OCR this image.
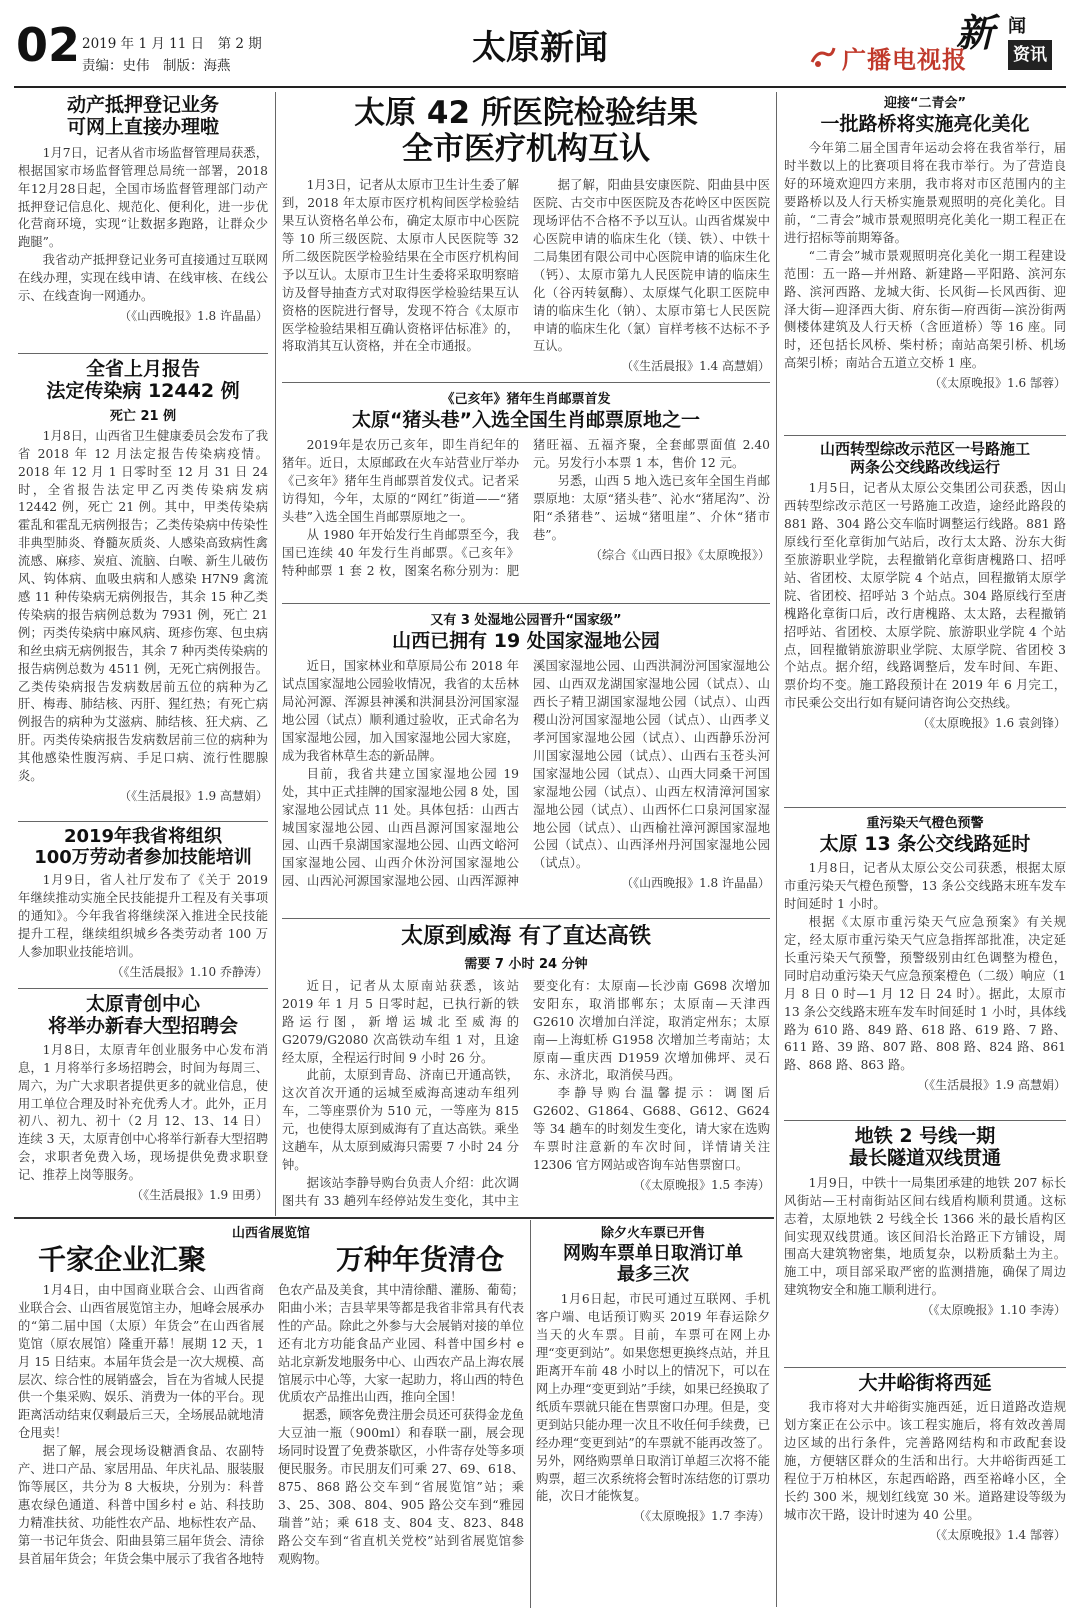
02 2019 年 1 月 11 日　第 2 期
责编：史伟　制版：海燕	太原新闻	新 闻
广播电视报	资讯
动产抵押登记业务
可网上直接办理啦

1月7日，记者从省市场监督管理局获悉，根据国家市场监督管理总局统一部署，2018年12月28日起，全国市场监督管理部门动产抵押登记信息化、规范化、便利化，进一步优化营商环境，实现“让数据多跑路，让群众少跑腿”。

我省动产抵押登记业务可直接通过互联网在线办理，实现在线申请、在线审核、在线公示、在线查询一网通办。

（《山西晚报》1.8 许晶晶）
全省上月报告
法定传染病 12442 例
死亡 21 例

1月8日，山西省卫生健康委员会发布了我省 2018 年 12 月法定报告传染病疫情。2018 年 12 月 1 日零时至 12 月 31 日 24 时，全省报告法定甲乙丙类传染病发病 12442 例，死亡 21 例。其中，甲类传染病霍乱和霍乱无病例报告；乙类传染病中传染性非典型肺炎、脊髓灰质炎、人感染高致病性禽流感、麻疹、炭疽、流脑、白喉、新生儿破伤风、钩体病、血吸虫病和人感染 H7N9 禽流感 11 种传染病无病例报告，其余 15 种乙类传染病的报告病例总数为 7931 例，死亡 21 例；丙类传染病中麻风病、斑疹伤寒、包虫病和丝虫病无病例报告，其余 7 种丙类传染病的报告病例总数为 4511 例，无死亡病例报告。乙类传染病报告发病数居前五位的病种为乙肝、梅毒、肺结核、丙肝、猩红热；有死亡病例报告的病种为艾滋病、肺结核、狂犬病、乙肝。丙类传染病报告发病数居前三位的病种为其他感染性腹泻病、手足口病、流行性腮腺炎。

（《生活晨报》1.9 高慧娟）
2019年我省将组织
100万劳动者参加技能培训

1月9日，省人社厅发布了《关于 2019 年继续推动实施全民技能提升工程及有关事项的通知》。今年我省将继续深入推进全民技能提升工程，继续组织城乡各类劳动者 100 万人参加职业技能培训。

（《生活晨报》1.10 乔静涛）
太原青创中心
将举办新春大型招聘会

1月8日，太原青年创业服务中心发布消息，1 月将举行多场招聘会，时间为每周三、周六，为广大求职者提供更多的就业信息，使用工单位合理及时补充优秀人才。此外，正月初八、初九、初十（2 月 12、13、14 日）连续 3 天，太原青创中心将举行新春大型招聘会，求职者免费入场，现场提供免费求职登记、推荐上岗等服务。

（《生活晨报》1.9 田勇）
太原 42 所医院检验结果
全市医疗机构互认

1月3日，记者从太原市卫生计生委了解到，2018 年太原市医疗机构间医学检验结果互认资格名单公布，确定太原市中心医院等 10 所三级医院、太原市人民医院等 32 所二级医院医学检验结果在全市医疗机构间予以互认。太原市卫生计生委将采取明察暗访及督导抽查方式对取得医学检验结果互认资格的医院进行督导，发现不符合《太原市医学检验结果相互确认资格评估标准》的，将取消其互认资格，并在全市通报。

据了解，阳曲县安康医院、阳曲县中医医院、古交市中医医院及杏花岭区中医医院现场评估不合格不予以互认。山西省煤炭中心医院申请的临床生化（镁、铁）、中铁十二局集团有限公司中心医院申请的临床生化（钙）、太原市第九人民医院申请的临床生化（谷丙转氨酶）、太原煤气化职工医院申请的临床生化（钠）、太原市第七人民医院申请的临床生化（氯）盲样考核不达标不予互认。

（《生活晨报》1.4 高慧娟）
《己亥年》猪年生肖邮票首发
太原“猪头巷”入选全国生肖邮票原地之一

2019年是农历己亥年，即生肖纪年的猪年。近日，太原邮政在火车站营业厅举办《己亥年》猪年生肖邮票首发仪式。记者采访得知，今年，太原的“网红”街道——“猪头巷”入选全国生肖邮票原地之一。

从 1980 年开始发行生肖邮票至今，我国已连续 40 年发行生肖邮票。《己亥年》特种邮票 1 套 2 枚，图案名称分别为：肥猪旺福、五福齐聚，全套邮票面值 2.40 元。另发行小本票 1 本，售价 12 元。

另悉，山西 5 地入选已亥年全国生肖邮票原地：太原“猪头巷”、沁水“猪尾沟”、汾阳“杀猪巷”、运城“猪咀崖”、介休“猪市巷”。

（综合《山西日报》《太原晚报》）
又有 3 处湿地公园晋升“国家级”
山西已拥有 19 处国家湿地公园

近日，国家林业和草原局公布 2018 年试点国家湿地公园验收情况，我省的太岳林局沁河源、浑源县神溪和洪洞县汾河国家湿地公园（试点）顺利通过验收，正式命名为国家湿地公园，加入国家湿地公园大家庭，成为我省林草生态的新品牌。

目前，我省共建立国家湿地公园 19 处，其中正式挂牌的国家湿地公园 8 处，国家湿地公园试点 11 处。具体包括：山西古城国家湿地公园、山西昌源河国家湿地公园、山西千泉湖国家湿地公园、山西文峪河国家湿地公园、山西介休汾河国家湿地公园、山西沁河源国家湿地公园、山西浑源神溪国家湿地公园、山西洪洞汾河国家湿地公园、山西双龙湖国家湿地公园（试点）、山西长子精卫湖国家湿地公园（试点）、山西稷山汾河国家湿地公园（试点）、山西孝义孝河国家湿地公园（试点）、山西静乐汾河川国家湿地公园（试点）、山西右玉苍头河国家湿地公园（试点）、山西大同桑干河国家湿地公园（试点）、山西左权清漳河国家湿地公园（试点）、山西怀仁口泉河国家湿地公园（试点）、山西榆社漳河源国家湿地公园（试点）、山西泽州丹河国家湿地公园（试点）。

（《山西晚报》1.8 许晶晶）
太原到威海 有了直达高铁
需要 7 小时 24 分钟

近日，记者从太原南站获悉，该站 2019 年 1 月 5 日零时起，已执行新的铁路运行图，新增运城北至威海的 G2079/G2080 次高铁动车组 1 对，且途经太原，全程运行时间 9 小时 26 分。

此前，太原到青岛、济南已开通高铁，这次首次开通的运城至威海高速动车组列车，二等座票价为 510 元，一等座为 815 元，也使得太原到威海有了直达高铁。乘坐这趟车，从太原到威海只需要 7 小时 24 分钟。

据该站李静导购台负责人介绍：此次调图共有 33 趟列车经停站发生变化，其中主要变化有：太原南—长沙南 G698 次增加安阳东，取消邯郸东；太原南—天津西 G2610 次增加白洋淀，取消定州东；太原南—上海虹桥 G1958 次增加兰考南站；太原南—重庆西 D1959 次增加佛坪、灵石东、永济北，取消侯马西。

李静导购台温馨提示：调图后 G2602、G1864、G688、G612、G624 等 34 趟车的时刻发生变化，请大家在选购车票时注意新的车次时间，详情请关注 12306 官方网站或咨询车站售票窗口。

（《太原晚报》1.5 李涛）
山西省展览馆
千家企业汇聚	万种年货清仓

1月4日，由中国商业联合会、山西省商业联合会、山西省展览馆主办，旭峰会展承办的“第二届中国（太原）年货会”在山西省展览馆（原农展馆）隆重开幕！展期 12 天，1 月 15 日结束。本届年货会是一次大规模、高层次、综合性的展销盛会，旨在为省城人民提供一个集采购、娱乐、消费为一体的平台。现距离活动结束仅剩最后三天，全场展品就地清仓甩卖！

据了解，展会现场设糖酒食品、农副特产、进口产品、家居用品、年庆礼品、服装服饰等展区，共分为 8 大板块，分别为：科普惠农绿色通道、科普中国乡村 e 站、科技助力精准扶贫、功能性农产品、地标性农产品、第一书记年货会、阳曲县第三届年货会、清徐县首届年货会；年货会集中展示了我省各地特色农产品及美食，其中清徐醋、灌肠、葡萄；阳曲小米；吉县苹果等都是我省非常具有代表性的产品。除此之外参与大会展销对接的单位还有北方功能食品产业园、科普中国乡村 e 站北京新发地服务中心、山西农产品上海农展馆展示中心等，大家一起助力，将山西的特色优质农产品推出山西，推向全国！

据悉，顾客免费注册会员还可获得金龙鱼大豆油一瓶（900ml）和春联一副，展会现场同时设置了免费茶歇区，小件寄存处等多项便民服务。市民朋友们可乘 27、69、618、875、868 路公交车到“省展览馆”站；乘 3、25、308、804、905 路公交车到“雅园瑞普”站；乘 618 支、804 支、823、848 路公交车到“省直机关党校”站到省展览馆参观购物。

除夕火车票已开售
网购车票单日取消订单
最多三次

1月6日起，市民可通过互联网、手机客户端、电话预订购买 2019 年春运除夕当天的火车票。目前，车票可在网上办理“变更到站”。如果您想更换终点站，并且距离开车前 48 小时以上的情况下，可以在网上办理“变更到站”手续，如果已经换取了纸质车票就只能在售票窗口办理。但是，变更到站只能办理一次且不收任何手续费，已经办理“变更到站”的车票就不能再改签了。另外，网络购票单日取消订单超三次将不能购票，超三次系统将会暂时冻结您的订票功能，次日才能恢复。

（《太原晚报》1.7 李涛）
迎接“二青会”
一批路桥将实施亮化美化

今年第二届全国青年运动会将在我省举行，届时半数以上的比赛项目将在我市举行。为了营造良好的环境欢迎四方来朋，我市将对市区范围内的主要路桥以及人行天桥实施景观照明的亮化美化。目前，“二青会”城市景观照明亮化美化一期工程正在进行招标等前期筹备。

“二青会”城市景观照明亮化美化一期工程建设范围：五一路—并州路、新建路—平阳路、滨河东路、滨河西路、龙城大街、长风街—长风西街、迎泽大街—迎泽西大街、府东街—府西街—滨汾街两侧楼体建筑及人行天桥（含匝道桥）等 16 座。同时，还包括长风桥、柴村桥；南站高架引桥、机场高架引桥；南站合五道立交桥 1 座。

（《太原晚报》1.6 郜蓉）
山西转型综改示范区一号路施工
两条公交线路改线运行

1月5日，记者从太原公交集团公司获悉，因山西转型综改示范区一号路施工改造，途经此路段的 881 路、304 路公交车临时调整运行线路。881 路原线行至化章街加气站后，改行太太路、汾东大街至旅游职业学院，去程撤销化章街唐槐路口、招呼站、省团校、太原学院 4 个站点，回程撤销太原学院、省团校、招呼站 3 个站点。304 路原线行至唐槐路化章街口后，改行唐槐路、太太路，去程撤销招呼站、省团校、太原学院、旅游职业学院 4 个站点，回程撤销旅游职业学院、太原学院、省团校 3 个站点。据介绍，线路调整后，发车时间、车距、票价均不变。施工路段预计在 2019 年 6 月完工，市民乘公交出行如有疑问请咨询公交热线。

（《太原晚报》1.6 袁剑锋）
重污染天气橙色预警
太原 13 条公交线路延时

1月8日，记者从太原公交公司获悉，根据太原市重污染天气橙色预警，13 条公交线路末班车发车时间延时 1 小时。

根据《太原市重污染天气应急预案》有关规定，经太原市重污染天气应急指挥部批准，决定延长重污染天气预警，预警级别由红色调整为橙色，同时启动重污染天气应急预案橙色（二级）响应（1 月 8 日 0 时—1 月 12 日 24 时）。据此，太原市 13 条公交线路末班车发车时间延时 1 小时，具体线路为 610 路、849 路、618 路、619 路、7 路、611 路、39 路、807 路、808 路、824 路、861 路、868 路、863 路。

（《生活晨报》1.9 高慧娟）
地铁 2 号线一期
最长隧道双线贯通

1月9日，中铁十一局集团承建的地铁 207 标长风街站—王村南街站区间右线盾构顺利贯通。这标志着，太原地铁 2 号线全长 1366 米的最长盾构区间实现双线贯通。该区间沿长治路正下方铺设，周围高大建筑物密集，地质复杂，以粉质黏土为主。施工中，项目部采取严密的监测措施，确保了周边建筑物安全和施工顺利进行。

（《太原晚报》1.10 李涛）
大井峪街将西延

我市将对大井峪街实施西延，近日道路改造规划方案正在公示中。该工程实施后，将有效改善周边区域的出行条件，完善路网结构和市政配套设施，方便辖区群众的生活和出行。大井峪街西延工程位于万柏林区，东起西峪路，西至裕峰小区，全长约 300 米，规划红线宽 30 米。道路建设等级为城市次干路，设计时速为 40 公里。

（《太原晚报》1.4 郜蓉）
